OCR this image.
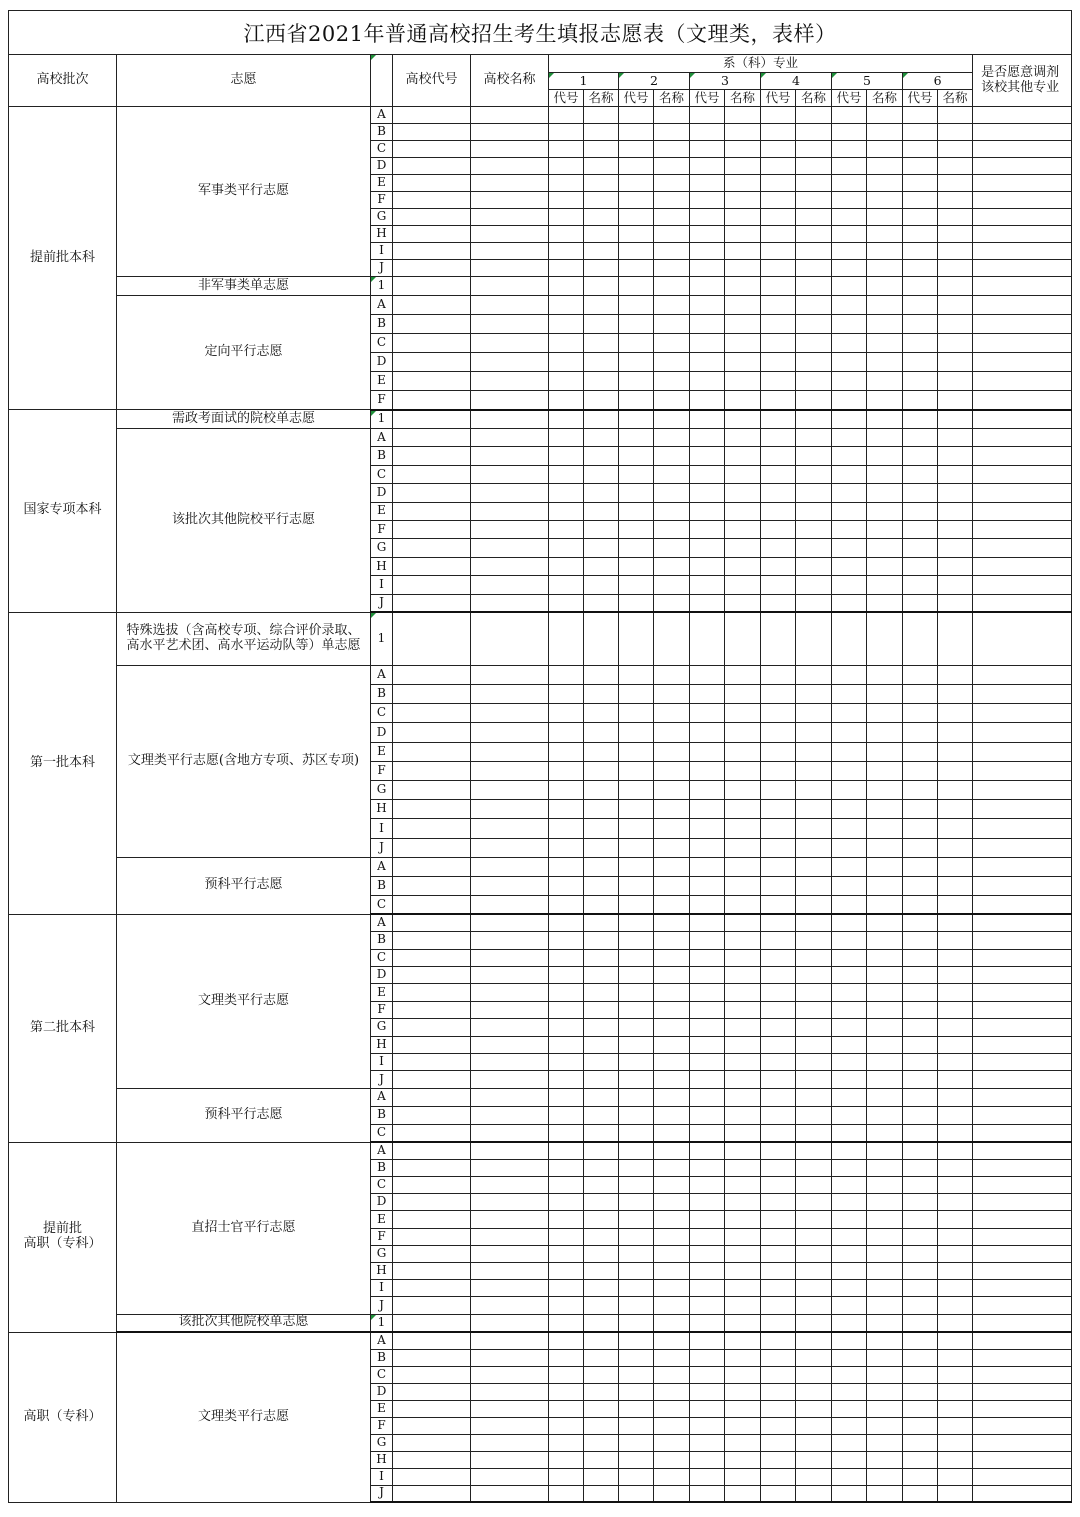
江西省2021年普通高校招生考生填报志愿表（文理类，表样）
高校批次	志愿		高校代号	高校名称	系（科）专业												是否愿意调剂该校其他专业

1		2		3		4		5		6		
					代号	名称	代号	名称	代号	名称	代号	名称	代号	名称	代号	名称	
提前批本科	军事类平行志愿	A															
		B															
		C															
		D															
		E															
		F															
		G															
		H															
		I															
		J															
	非军事类单志愿	1															
	定向平行志愿	A															
		B															
		C															
		D															
		E															
		F															
国家专项本科	需政考面试的院校单志愿	1															
	该批次其他院校平行志愿	A															
		B															
		C															
		D															
		E															
		F															
		G															
		H															
		I															
		J															
第一批本科	特殊选拔（含高校专项、综合评价录取、高水平艺术团、高水平运动队等）单志愿	1															
	文理类平行志愿(含地方专项、苏区专项)	A															
		B															
		C															
		D															
		E															
		F															
		G															
		H															
		I															
		J															
	预科平行志愿	A															
		B															
		C															
第二批本科	文理类平行志愿	A															
		B															
		C															
		D															
		E															
		F															
		G															
		H															
		I															
		J															
	预科平行志愿	A															
		B															
		C															
提前批
高职（专科）	直招士官平行志愿	A															
		B															
		C															
		D															
		E															
		F															
		G															
		H															
		I															
		J															
	该批次其他院校单志愿	1															
高职（专科）	文理类平行志愿	A															
		B															
		C															
		D															
		E															
		F															
		G															
		H															
		I															
		J															
